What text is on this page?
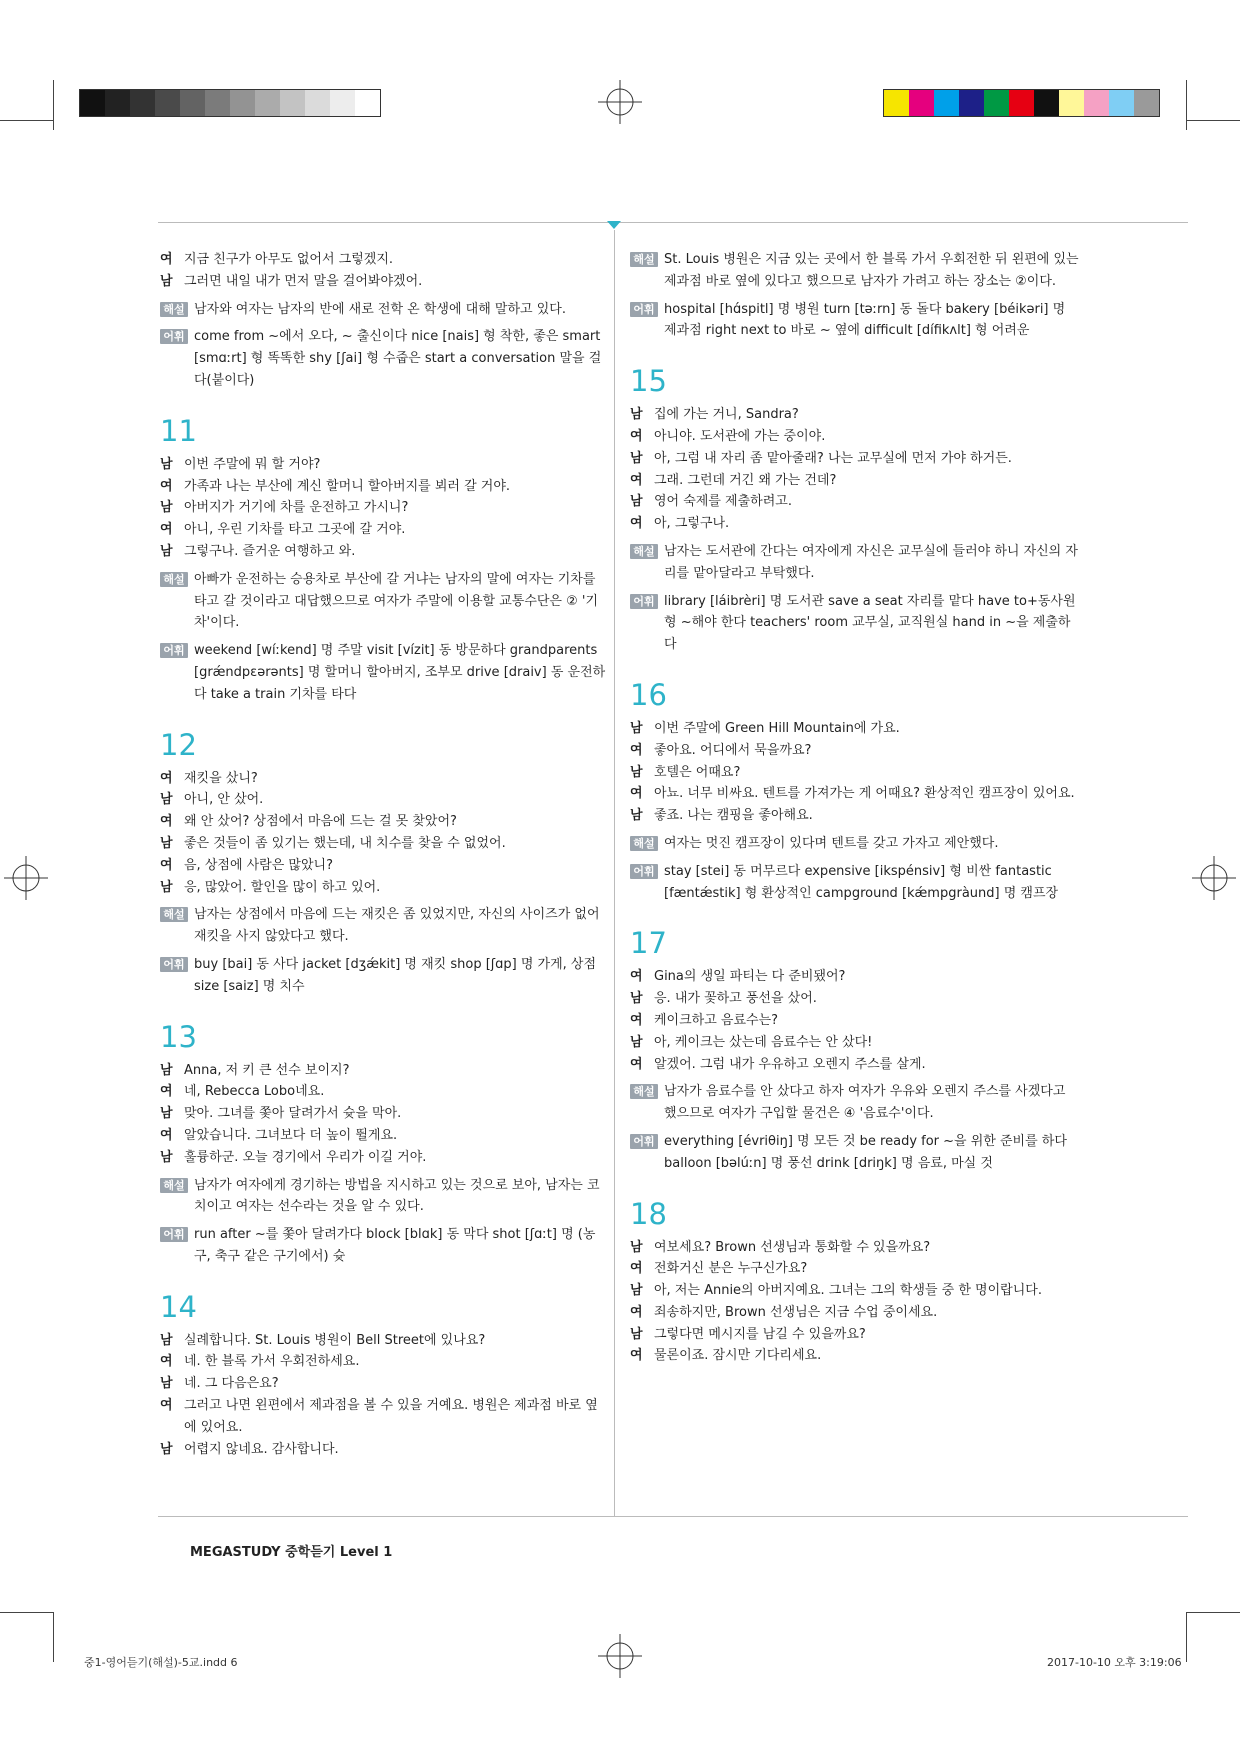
여 지금 친구가 아무도 없어서 그렇겠지.
남 그러면 내일 내가 먼저 말을 걸어봐야겠어.
해설 남자와 여자는 남자의 반에 새로 전학 온 학생에 대해 말하고 있다.
어휘 come from ~에서 오다, ~ 출신이다 nice [nais] 형 착한, 좋은 smart [smɑːrt] 형 똑똑한 shy [ʃai] 형 수줍은 start a conversation 말을 걸다(붙이다)
11
남 이번 주말에 뭐 할 거야?
여 가족과 나는 부산에 계신 할머니 할아버지를 뵈러 갈 거야.
남 아버지가 거기에 차를 운전하고 가시니?
여 아니, 우린 기차를 타고 그곳에 갈 거야.
남 그렇구나. 즐거운 여행하고 와.
해설 아빠가 운전하는 승용차로 부산에 갈 거냐는 남자의 말에 여자는 기차를 타고 갈 것이라고 대답했으므로 여자가 주말에 이용할 교통수단은 ② '기차'이다.
어휘 weekend [wíːkend] 명 주말 visit [vízit] 동 방문하다 grandparents [grǽndpɛərənts] 명 할머니 할아버지, 조부모 drive [draiv] 동 운전하다 take a train 기차를 타다
12
여 재킷을 샀니?
남 아니, 안 샀어.
여 왜 안 샀어? 상점에서 마음에 드는 걸 못 찾았어?
남 좋은 것들이 좀 있기는 했는데, 내 치수를 찾을 수 없었어.
여 음, 상점에 사람은 많았니?
남 응, 많았어. 할인을 많이 하고 있어.
해설 남자는 상점에서 마음에 드는 재킷은 좀 있었지만, 자신의 사이즈가 없어 재킷을 사지 않았다고 했다.
어휘 buy [bai] 동 사다 jacket [dʒǽkit] 명 재킷 shop [ʃɑp] 명 가게, 상점 size [saiz] 명 치수
13
남 Anna, 저 키 큰 선수 보이지?
여 네, Rebecca Lobo네요.
남 맞아. 그녀를 쫓아 달려가서 슛을 막아.
여 알았습니다. 그녀보다 더 높이 뛸게요.
남 훌륭하군. 오늘 경기에서 우리가 이길 거야.
해설 남자가 여자에게 경기하는 방법을 지시하고 있는 것으로 보아, 남자는 코치이고 여자는 선수라는 것을 알 수 있다.
어휘 run after ~를 쫓아 달려가다 block [blɑk] 동 막다 shot [ʃɑːt] 명 (농구, 축구 같은 구기에서) 슛
14
남 실례합니다. St. Louis 병원이 Bell Street에 있나요?
여 네. 한 블록 가서 우회전하세요.
남 네. 그 다음은요?
여 그러고 나면 왼편에서 제과점을 볼 수 있을 거예요. 병원은 제과점 바로 옆에 있어요.
남 어렵지 않네요. 감사합니다.
해설 St. Louis 병원은 지금 있는 곳에서 한 블록 가서 우회전한 뒤 왼편에 있는 제과점 바로 옆에 있다고 했으므로 남자가 가려고 하는 장소는 ②이다.
어휘 hospital [hɑ́spitl] 명 병원 turn [təːrn] 동 돌다 bakery [béikəri] 명 제과점 right next to 바로 ~ 옆에 difficult [dífikʌlt] 형 어려운
15
남 집에 가는 거니, Sandra?
여 아니야. 도서관에 가는 중이야.
남 아, 그럼 내 자리 좀 맡아줄래? 나는 교무실에 먼저 가야 하거든.
여 그래. 그런데 거긴 왜 가는 건데?
남 영어 숙제를 제출하려고.
여 아, 그렇구나.
해설 남자는 도서관에 간다는 여자에게 자신은 교무실에 들러야 하니 자신의 자리를 맡아달라고 부탁했다.
어휘 library [láibrèri] 명 도서관 save a seat 자리를 맡다 have to+동사원형 ~해야 한다 teachers' room 교무실, 교직원실 hand in ~을 제출하다
16
남 이번 주말에 Green Hill Mountain에 가요.
여 좋아요. 어디에서 묵을까요?
남 호텔은 어때요?
여 아뇨. 너무 비싸요. 텐트를 가져가는 게 어때요? 환상적인 캠프장이 있어요.
남 좋죠. 나는 캠핑을 좋아해요.
해설 여자는 멋진 캠프장이 있다며 텐트를 갖고 가자고 제안했다.
어휘 stay [stei] 동 머무르다 expensive [ikspénsiv] 형 비싼 fantastic [fæntǽstik] 형 환상적인 campground [kǽmpgràund] 명 캠프장
17
여 Gina의 생일 파티는 다 준비됐어?
남 응. 내가 꽃하고 풍선을 샀어.
여 케이크하고 음료수는?
남 아, 케이크는 샀는데 음료수는 안 샀다!
여 알겠어. 그럼 내가 우유하고 오렌지 주스를 살게.
해설 남자가 음료수를 안 샀다고 하자 여자가 우유와 오렌지 주스를 사겠다고 했으므로 여자가 구입할 물건은 ④ '음료수'이다.
어휘 everything [évriθiŋ] 명 모든 것 be ready for ~을 위한 준비를 하다 balloon [bəlúːn] 명 풍선 drink [driŋk] 명 음료, 마실 것
18
남 여보세요? Brown 선생님과 통화할 수 있을까요?
여 전화거신 분은 누구신가요?
남 아, 저는 Annie의 아버지예요. 그녀는 그의 학생들 중 한 명이랍니다.
여 죄송하지만, Brown 선생님은 지금 수업 중이세요.
남 그렇다면 메시지를 남길 수 있을까요?
여 물론이죠. 잠시만 기다리세요.
MEGASTUDY 중학듣기 Level 1
중1-영어듣기(해설)-5교.indd 6	2017-10-10 오후 3:19:06
